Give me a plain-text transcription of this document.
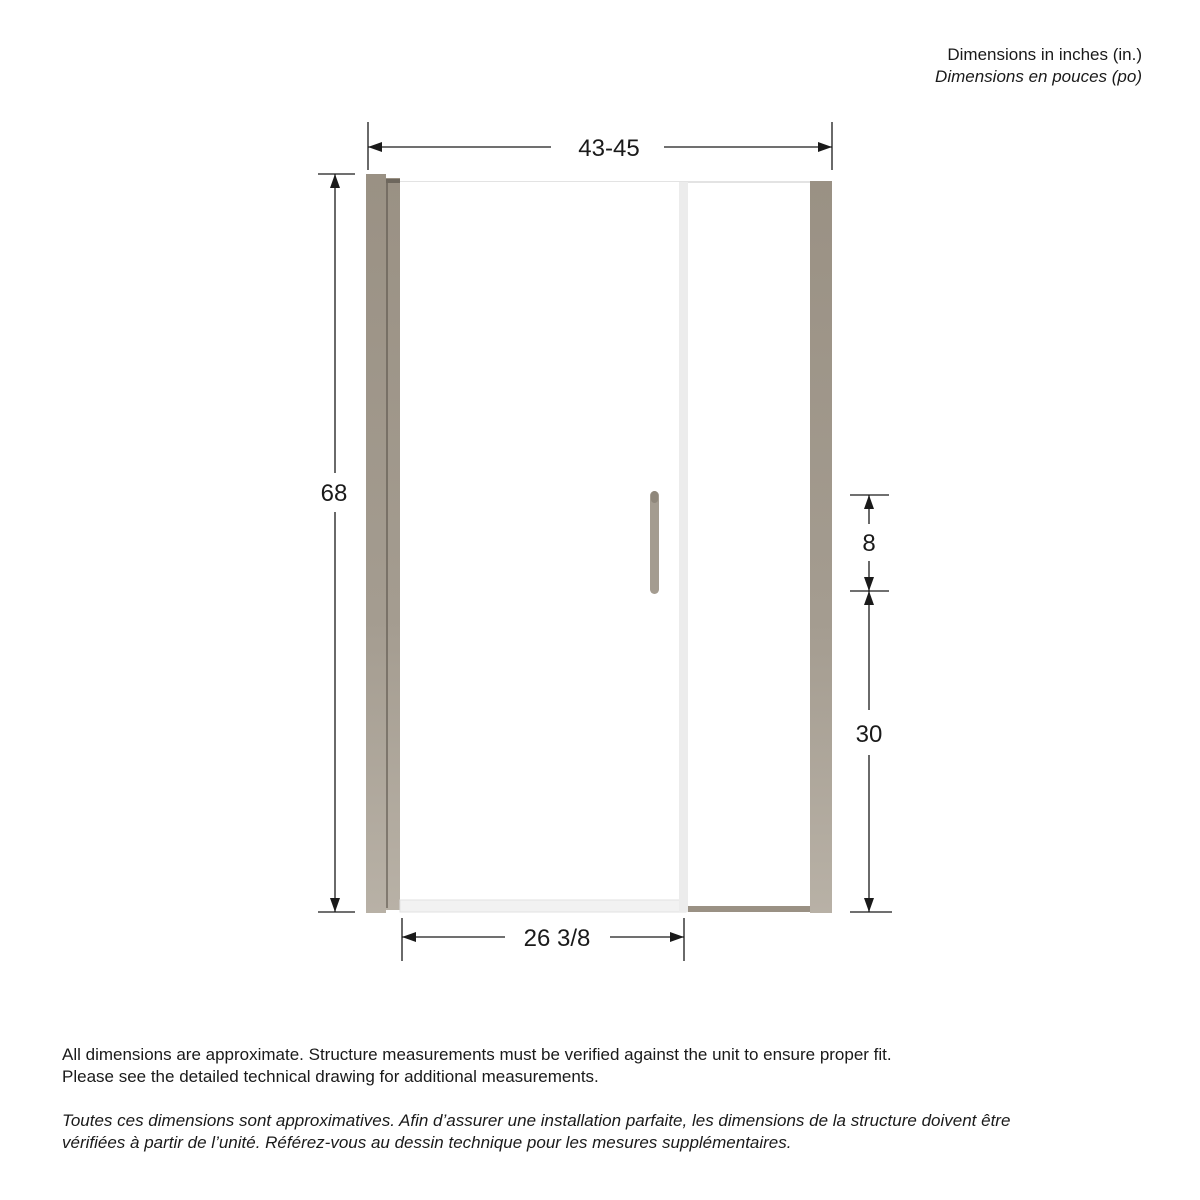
Dimensions in inches (in.)
Dimensions en pouces (po)
43-45
68
26 3/8
8
30

All dimensions are approximate. Structure measurements must be verified against the unit to ensure proper fit.

Please see the detailed technical drawing for additional measurements.

Toutes ces dimensions sont approximatives. Afin d’assurer une installation parfaite, les dimensions de la structure doivent être

vérifiées à partir de l’unité. Référez-vous au dessin technique pour les mesures supplémentaires.
